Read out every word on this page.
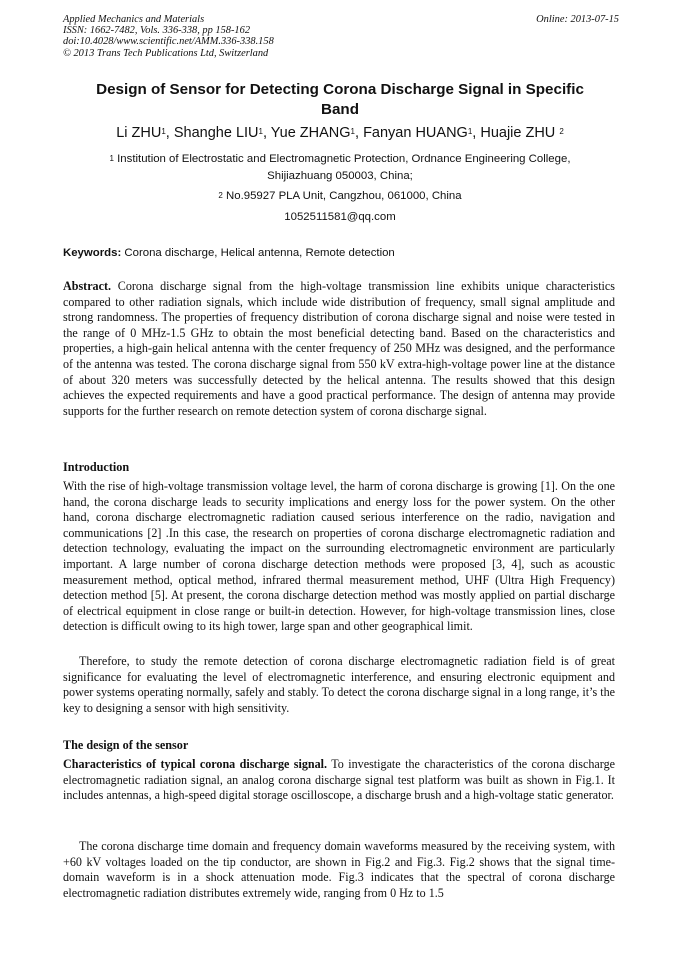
Applied Mechanics and Materials
ISSN: 1662-7482, Vols. 336-338, pp 158-162
doi:10.4028/www.scientific.net/AMM.336-338.158
© 2013 Trans Tech Publications Ltd, Switzerland
Online: 2013-07-15
Design of Sensor for Detecting Corona Discharge Signal in Specific
Band
Li ZHU$^1$, Shanghe LIU$^1$, Yue ZHANG$^1$, Fanyan HUANG$^1$, Huajie ZHU $^2$
$^1$ Institution of Electrostatic and Electromagnetic Protection, Ordnance Engineering College,
Shijiazhuang 050003, China;
$^2$ No.95927 PLA Unit, Cangzhou, 061000, China
1052511581@qq.com
Keywords: Corona discharge, Helical antenna, Remote detection
Abstract. Corona discharge signal from the high-voltage transmission line exhibits unique characteristics compared to other radiation signals, which include wide distribution of frequency, small signal amplitude and strong randomness. The properties of frequency distribution of corona discharge signal and noise were tested in the range of 0 MHz-1.5 GHz to obtain the most beneficial detecting band. Based on the characteristics and properties, a high-gain helical antenna with the center frequency of 250 MHz was designed, and the performance of the antenna was tested. The corona discharge signal from 550 kV extra-high-voltage power line at the distance of about 320 meters was successfully detected by the helical antenna. The results showed that this design achieves the expected requirements and have a good practical performance. The design of antenna may provide supports for the further research on remote detection system of corona discharge signal.
Introduction
With the rise of high-voltage transmission voltage level, the harm of corona discharge is growing [1]. On the one hand, the corona discharge leads to security implications and energy loss for the power system. On the other hand, corona discharge electromagnetic radiation caused serious interference on the radio, navigation and communications [2] .In this case, the research on properties of corona discharge electromagnetic radiation and detection technology, evaluating the impact on the surrounding electromagnetic environment are particularly important. A large number of corona discharge detection methods were proposed [3, 4], such as acoustic measurement method, optical method, infrared thermal measurement method, UHF (Ultra High Frequency) detection method [5]. At present, the corona discharge detection method was mostly applied on partial discharge of electrical equipment in close range or built-in detection. However, for high-voltage transmission lines, close detection is difficult owing to its high tower, large span and other geographical limit.
Therefore, to study the remote detection of corona discharge electromagnetic radiation field is of great significance for evaluating the level of electromagnetic interference, and ensuring electronic equipment and power systems operating normally, safely and stably. To detect the corona discharge signal in a long range, it’s the key to designing a sensor with high sensitivity.
The design of the sensor
Characteristics of typical corona discharge signal. To investigate the characteristics of the corona discharge electromagnetic radiation signal, an analog corona discharge signal test platform was built as shown in Fig.1. It includes antennas, a high-speed digital storage oscilloscope, a discharge brush and a high-voltage static generator.
The corona discharge time domain and frequency domain waveforms measured by the receiving system, with +60 kV voltages loaded on the tip conductor, are shown in Fig.2 and Fig.3. Fig.2 shows that the signal time-domain waveform is in a shock attenuation mode. Fig.3 indicates that the spectral of corona discharge electromagnetic radiation distributes extremely wide, ranging from 0 Hz to 1.5
